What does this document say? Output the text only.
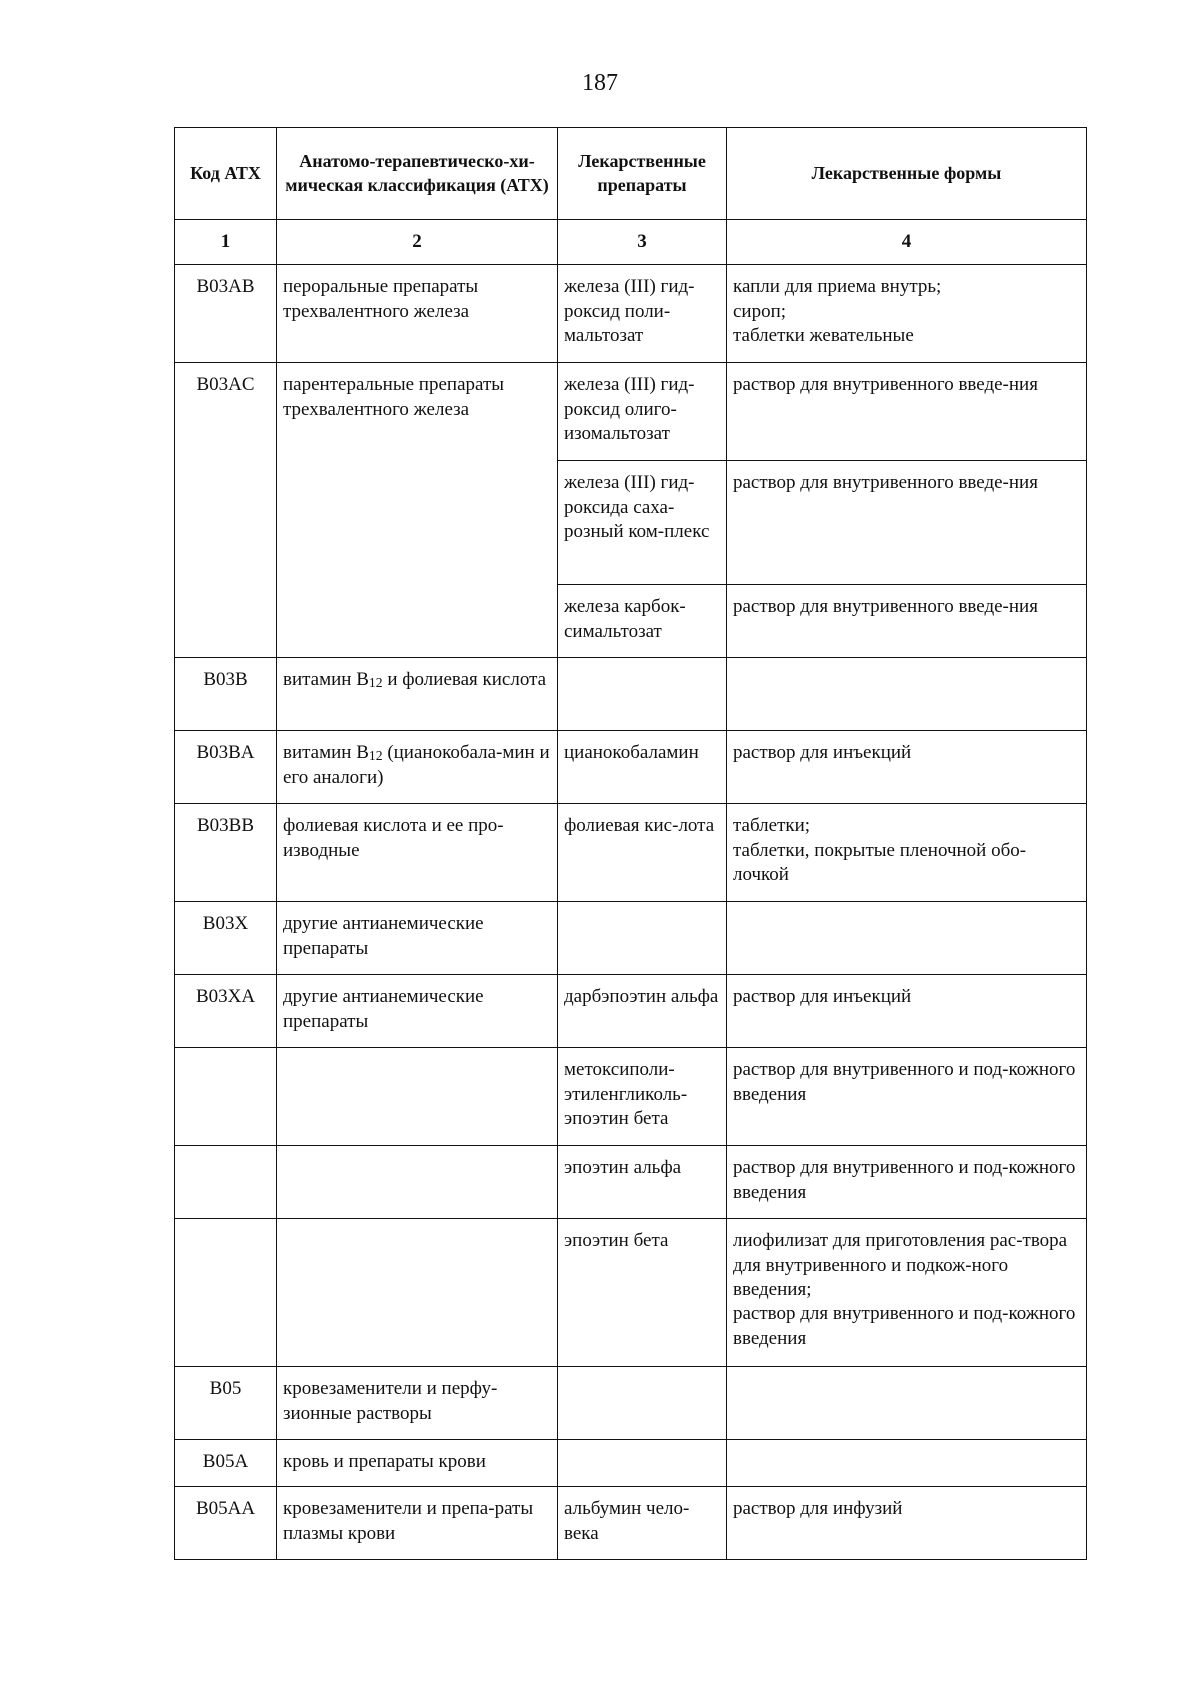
187
Код АТХ	Анатомо-терапевтическо-хи-мическая классификация (АТХ)	Лекарственные препараты	Лекарственные формы
1	2	3	4
B03AB	пероральные препараты трехвалентного железа	железа (III) гид-роксид поли-мальтозат	капли для приема внутрь;
сироп;
таблетки жевательные

B03AC	парентеральные препараты трехвалентного железа	железа (III) гид-роксид олиго-изомальтозат	раствор для внутривенного введе-ния
		железа (III) гид-роксида саха-розный ком-плекс	раствор для внутривенного введе-ния
		железа карбок-симальтозат	раствор для внутривенного введе-ния
B03B	витамин $B_{12}$ и фолиевая кислота		
B03BA	витамин $B_{12}$ (цианокобала-мин и его аналоги)	цианокобаламин	раствор для инъекций
B03BB	фолиевая кислота и ее про-изводные	фолиевая кис-лота	таблетки;
таблетки, покрытые пленочной обо-лочкой

B03X	другие антианемические препараты		
B03XA	другие антианемические препараты	дарбэпоэтин альфа	раствор для инъекций
		метоксиполи-этиленгликоль-эпоэтин бета	раствор для внутривенного и под-кожного введения
		эпоэтин альфа	раствор для внутривенного и под-кожного введения
		эпоэтин бета	лиофилизат для приготовления рас-твора для внутривенного и подкож-ного введения;
раствор для внутривенного и под-кожного введения

B05	кровезаменители и перфу-зионные растворы		
B05A	кровь и препараты крови		
B05AA	кровезаменители и препа-раты плазмы крови	альбумин чело-века	раствор для инфузий
